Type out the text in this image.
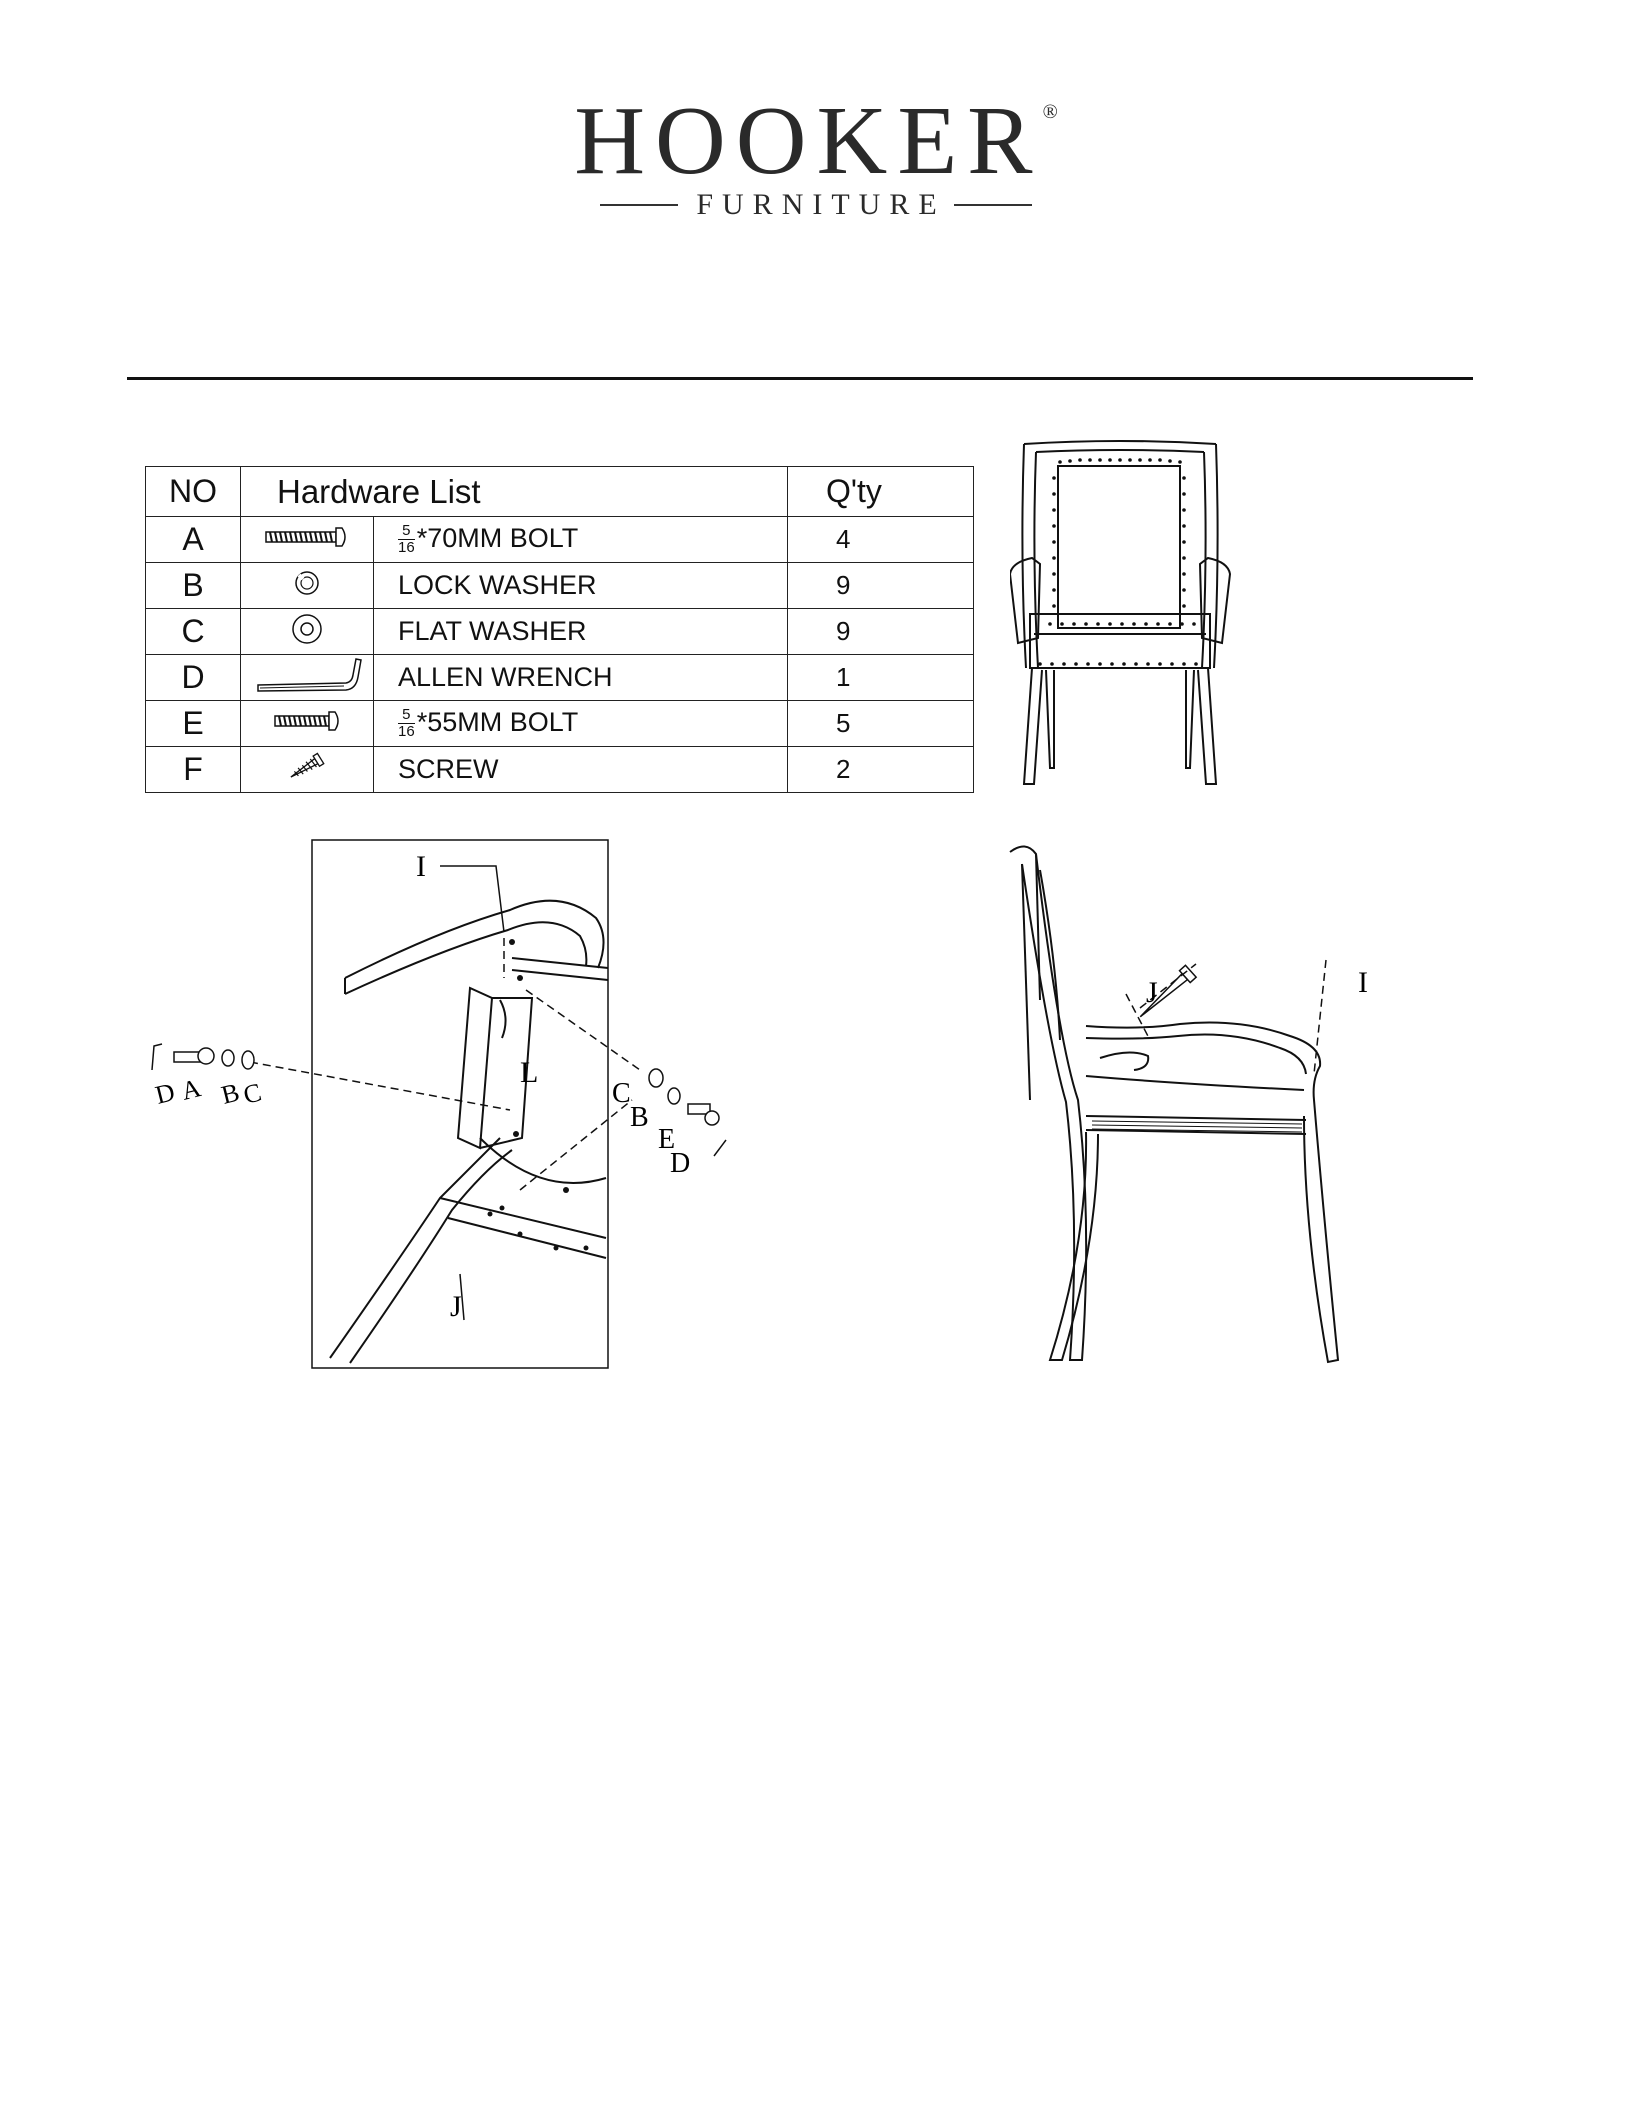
HOOKER®
FURNITURE
NO	Hardware List		Q'ty
A		$\frac{5}{16} *70MM$ BOLT	4
B		LOCK WASHER	9
C		FLAT WASHER	9
D		ALLEN WRENCH	1
E		$\frac{5}{16} *55MM$ BOLT	5
F		SCREW	2
I
L
J
D A B
C	C
B
E
D
J	I
